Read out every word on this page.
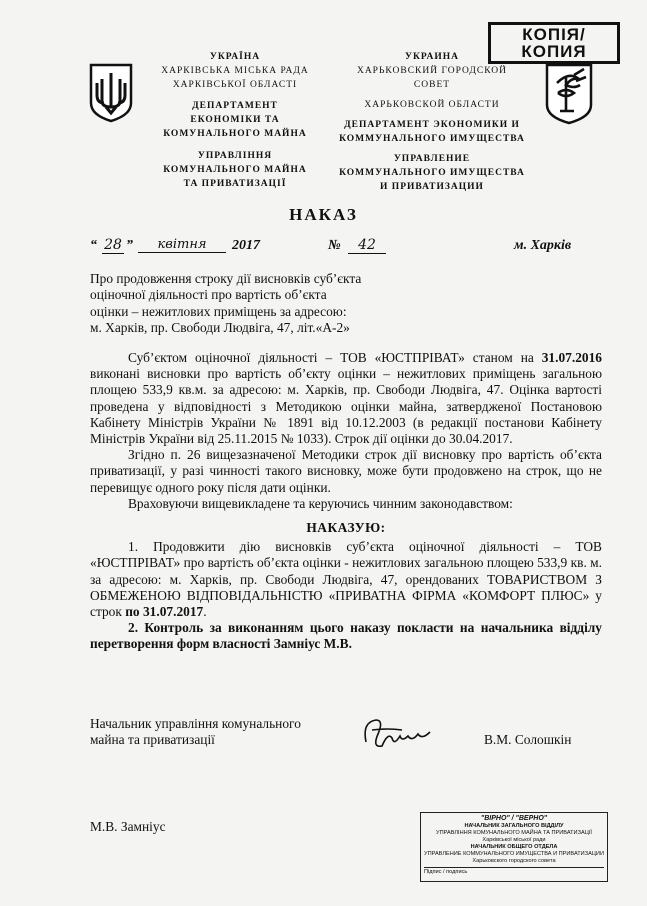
КОПІЯ/
КОПИЯ
УКРАЇНА
ХАРКІВСЬКА МІСЬКА РАДА
ХАРКІВСЬКОЇ ОБЛАСТІ
ДЕПАРТАМЕНТ
ЕКОНОМІКИ ТА
КОМУНАЛЬНОГО МАЙНА
УПРАВЛІННЯ
КОМУНАЛЬНОГО МАЙНА
ТА ПРИВАТИЗАЦІЇ
УКРАИНА
ХАРЬКОВСКИЙ ГОРОДСКОЙ
СОВЕТ
ХАРЬКОВСКОЙ ОБЛАСТИ
ДЕПАРТАМЕНТ ЭКОНОМИКИ И
КОММУНАЛЬНОГО ИМУЩЕСТВА
УПРАВЛЕНИЕ
КОММУНАЛЬНОГО ИМУЩЕСТВА
И ПРИВАТИЗАЦИИ
НАКАЗ
“ 28 ”	квітня	2017	№	42	м. Харків
Про продовження строку дії висновків суб’єкта
оціночної діяльності про вартість об’єкта
оцінки – нежитлових приміщень за адресою:
м. Харків, пр. Свободи Людвіга, 47, літ.«А-2»

Суб’єктом оціночної діяльності – ТОВ «ЮСТПРІВАТ» станом на 31.07.2016 виконані висновки про вартість об’єкту оцінки – нежитлових приміщень загальною площею 533,9 кв.м. за адресою: м. Харків, пр. Свободи Людвіга, 47. Оцінка вартості проведена у відповідності з Методикою оцінки майна, затвердженої Постановою Кабінету Міністрів України № 1891 від 10.12.2003 (в редакції постанови Кабінету Міністрів України від 25.11.2015 № 1033). Строк дії оцінки до 30.04.2017.

Згідно п. 26 вищезазначеної Методики строк дії висновку про вартість об’єкта приватизації, у разі чинності такого висновку, може бути продовжено на строк, що не перевищує одного року після дати оцінки.

Враховуючи вищевикладене та керуючись чинним законодавством:

НАКАЗУЮ:

1. Продовжити дію висновків суб’єкта оціночної діяльності – ТОВ «ЮСТПРІВАТ» про вартість об’єкта оцінки - нежитлових загальною площею 533,9 кв. м. за адресою: м. Харків, пр. Свободи Людвіга, 47, орендованих ТОВАРИСТВОМ З ОБМЕЖЕНОЮ ВІДПОВІДАЛЬНІСТЮ «ПРИВАТНА ФІРМА «КОМФОРТ ПЛЮС» у строк по 31.07.2017.

2. Контроль за виконанням цього наказу покласти на начальника відділу перетворення форм власності Замніус М.В.

Начальник управління комунального
майна та приватизації	В.М. Солошкін
М.В. Замніус
"ВІРНО" / "ВЕРНО"
НАЧАЛЬНИК ЗАГАЛЬНОГО ВІДДІЛУ
УПРАВЛІННЯ КОМУНАЛЬНОГО МАЙНА ТА ПРИВАТИЗАЦІЇ
Харківської міської ради
НАЧАЛЬНИК ОБЩЕГО ОТДЕЛА
УПРАВЛЕНИЕ КОММУНАЛЬНОГО ИМУЩЕСТВА И ПРИВАТИЗАЦИИ
Харьковского городского совета
Підпис / подпись
